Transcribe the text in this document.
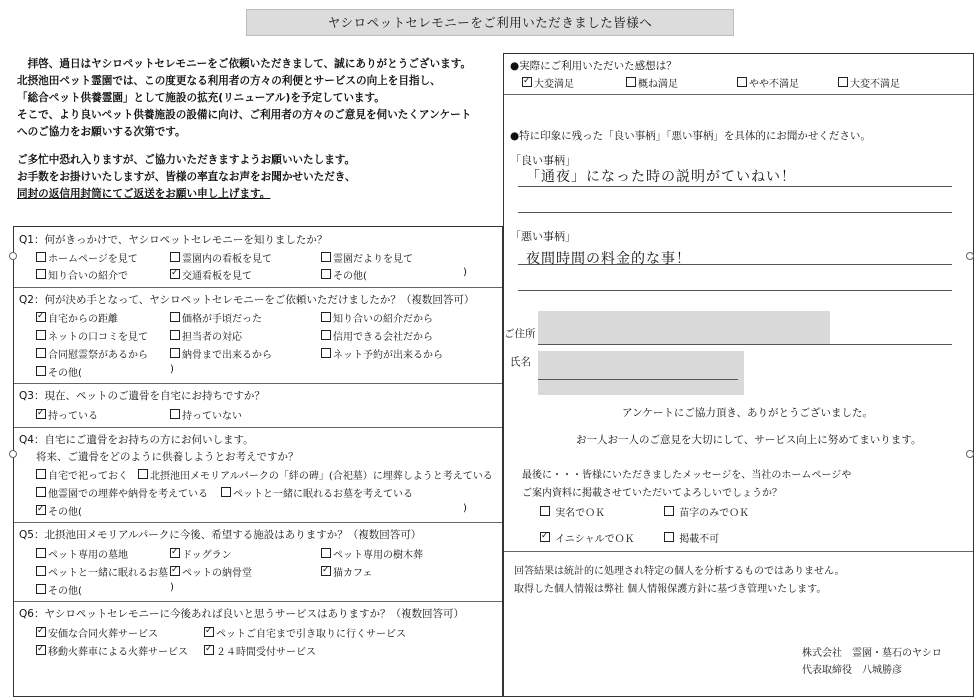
ヤシロペットセレモニーをご利用いただきました皆様へ
　拝啓、過日はヤシロペットセレモニーをご依頼いただきまして、誠にありがとうございます。
北摂池田ペット霊園では、この度更なる利用者の方々の利便とサービスの向上を目指し、
「総合ペット供養霊園」として施設の拡充(リニューアル)を予定しています。
そこで、より良いペット供養施設の設備に向け、ご利用者の方々のご意見を伺いたくアンケート
へのご協力をお願いする次第です。
ご多忙中恐れ入りますが、ご協力いただきますようお願いいたします。
お手数をお掛けいたしますが、皆様の率直なお声をお聞かせいただき、
同封の返信用封筒にてご返送をお願い申し上げます。
Q1：何がきっかけで、ヤシロペットセレモニーを知りましたか？
ホームページを見て	霊園内の看板を見て	霊園だよりを見て
知り合いの紹介で ✓	交通看板を見て	その他(	)
Q2：何が決め手となって、ヤシロペットセレモニーをご依頼いただけましたか？（複数回答可）
✓自宅からの距離	価格が手頃だった	知り合いの紹介だから
ネットの口コミを見て	担当者の対応	信用できる会社だから
合同慰霊祭があるから	納骨まで出来るから	ネット予約が出来るから
その他(	)
Q3：現在、ペットのご遺骨を自宅にお持ちですか？
✓持っている	持っていない
Q4：自宅にご遺骨をお持ちの方にお伺いします。
将来、ご遺骨をどのように供養しようとお考えですか？
自宅で祀っておく	北摂池田メモリアルパークの「絆の碑」(合祀墓）に埋葬しようと考えている
他霊園での埋葬や納骨を考えている	ペットと一緒に眠れるお墓を考えている
✓その他(	)
Q5：北摂池田メモリアルパークに今後、希望する施設はありますか？（複数回答可）
ペット専用の墓地 ✓	ドッグラン	ペット専用の樹木葬
ペットと一緒に眠れるお墓 ✓	ペットの納骨堂 ✓	猫カフェ
その他(	)
Q6：ヤシロペットセレモニーに今後あれば良いと思うサービスはありますか？（複数回答可）
✓安価な合同火葬サービス ✓	ペットご自宅まで引き取りに行くサービス
✓移動火葬車による火葬サービス ✓	２４時間受付サービス
●実際にご利用いただいた感想は？
✓大変満足	概ね満足	やや不満足	大変不満足
●特に印象に残った「良い事柄」「悪い事柄」を具体的にお聞かせください。
「良い事柄」
「通夜」になった時の説明がていねい！
「悪い事柄」
夜間時間の料金的な事！
ご住所
氏名
アンケートにご協力頂き、ありがとうございました。
お一人お一人のご意見を大切にして、サービス向上に努めてまいります。
最後に・・・皆様にいただきましたメッセージを、当社のホームページや
ご案内資料に掲載させていただいてよろしいでしょうか？
実名でＯＫ	苗字のみでＯＫ
✓ イニシャルでＯＫ	掲載不可
回答結果は統計的に処理され特定の個人を分析するものではありません。
取得した個人情報は弊社 個人情報保護方針に基づき管理いたします。
株式会社　霊園・墓石のヤシロ
代表取締役　八城勝彦
